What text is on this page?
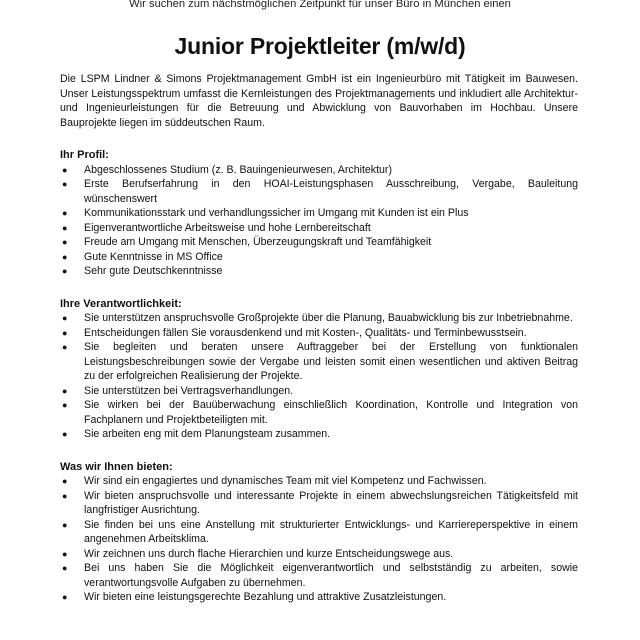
Wir suchen zum nächstmöglichen Zeitpunkt für unser Büro in München einen
Junior Projektleiter (m/w/d)

Die LSPM Lindner & Simons Projektmanagement GmbH ist ein Ingenieurbüro mit Tätigkeit im Bauwesen. Unser Leistungsspektrum umfasst die Kernleistungen des Projektmanagements und inkludiert alle Architektur- und Ingenieurleistungen für die Betreuung und Abwicklung von Bauvorhaben im Hochbau. Unsere Bauprojekte liegen im süddeutschen Raum.

Ihr Profil:

● Abgeschlossenes Studium (z. B. Bauingenieurwesen, Architektur)
● Erste Berufserfahrung in den HOAI-Leistungsphasen Ausschreibung, Vergabe, Bauleitung wünschenswert
● Kommunikationsstark und verhandlungssicher im Umgang mit Kunden ist ein Plus
● Eigenverantwortliche Arbeitsweise und hohe Lernbereitschaft
● Freude am Umgang mit Menschen, Überzeugungskraft und Teamfähigkeit
● Gute Kenntnisse in MS Office
● Sehr gute Deutschkenntnisse

Ihre Verantwortlichkeit:

● Sie unterstützen anspruchsvolle Großprojekte über die Planung, Bauabwicklung bis zur Inbetriebnahme.
● Entscheidungen fällen Sie vorausdenkend und mit Kosten-, Qualitäts- und Terminbewusstsein.
● Sie begleiten und beraten unsere Auftraggeber bei der Erstellung von funktionalen Leistungsbeschreibungen sowie der Vergabe und leisten somit einen wesentlichen und aktiven Beitrag zu der erfolgreichen Realisierung der Projekte.
● Sie unterstützen bei Vertragsverhandlungen.
● Sie wirken bei der Bauüberwachung einschließlich Koordination, Kontrolle und Integration von Fachplanern und Projektbeteiligten mit.
● Sie arbeiten eng mit dem Planungsteam zusammen.

Was wir Ihnen bieten:

● Wir sind ein engagiertes und dynamisches Team mit viel Kompetenz und Fachwissen.
● Wir bieten anspruchsvolle und interessante Projekte in einem abwechslungsreichen Tätigkeitsfeld mit langfristiger Ausrichtung.
● Sie finden bei uns eine Anstellung mit strukturierter Entwicklungs- und Karriereperspektive in einem angenehmen Arbeitsklima.
● Wir zeichnen uns durch flache Hierarchien und kurze Entscheidungswege aus.
● Bei uns haben Sie die Möglichkeit eigenverantwortlich und selbstständig zu arbeiten, sowie verantwortungsvolle Aufgaben zu übernehmen.
● Wir bieten eine leistungsgerechte Bezahlung und attraktive Zusatzleistungen.
